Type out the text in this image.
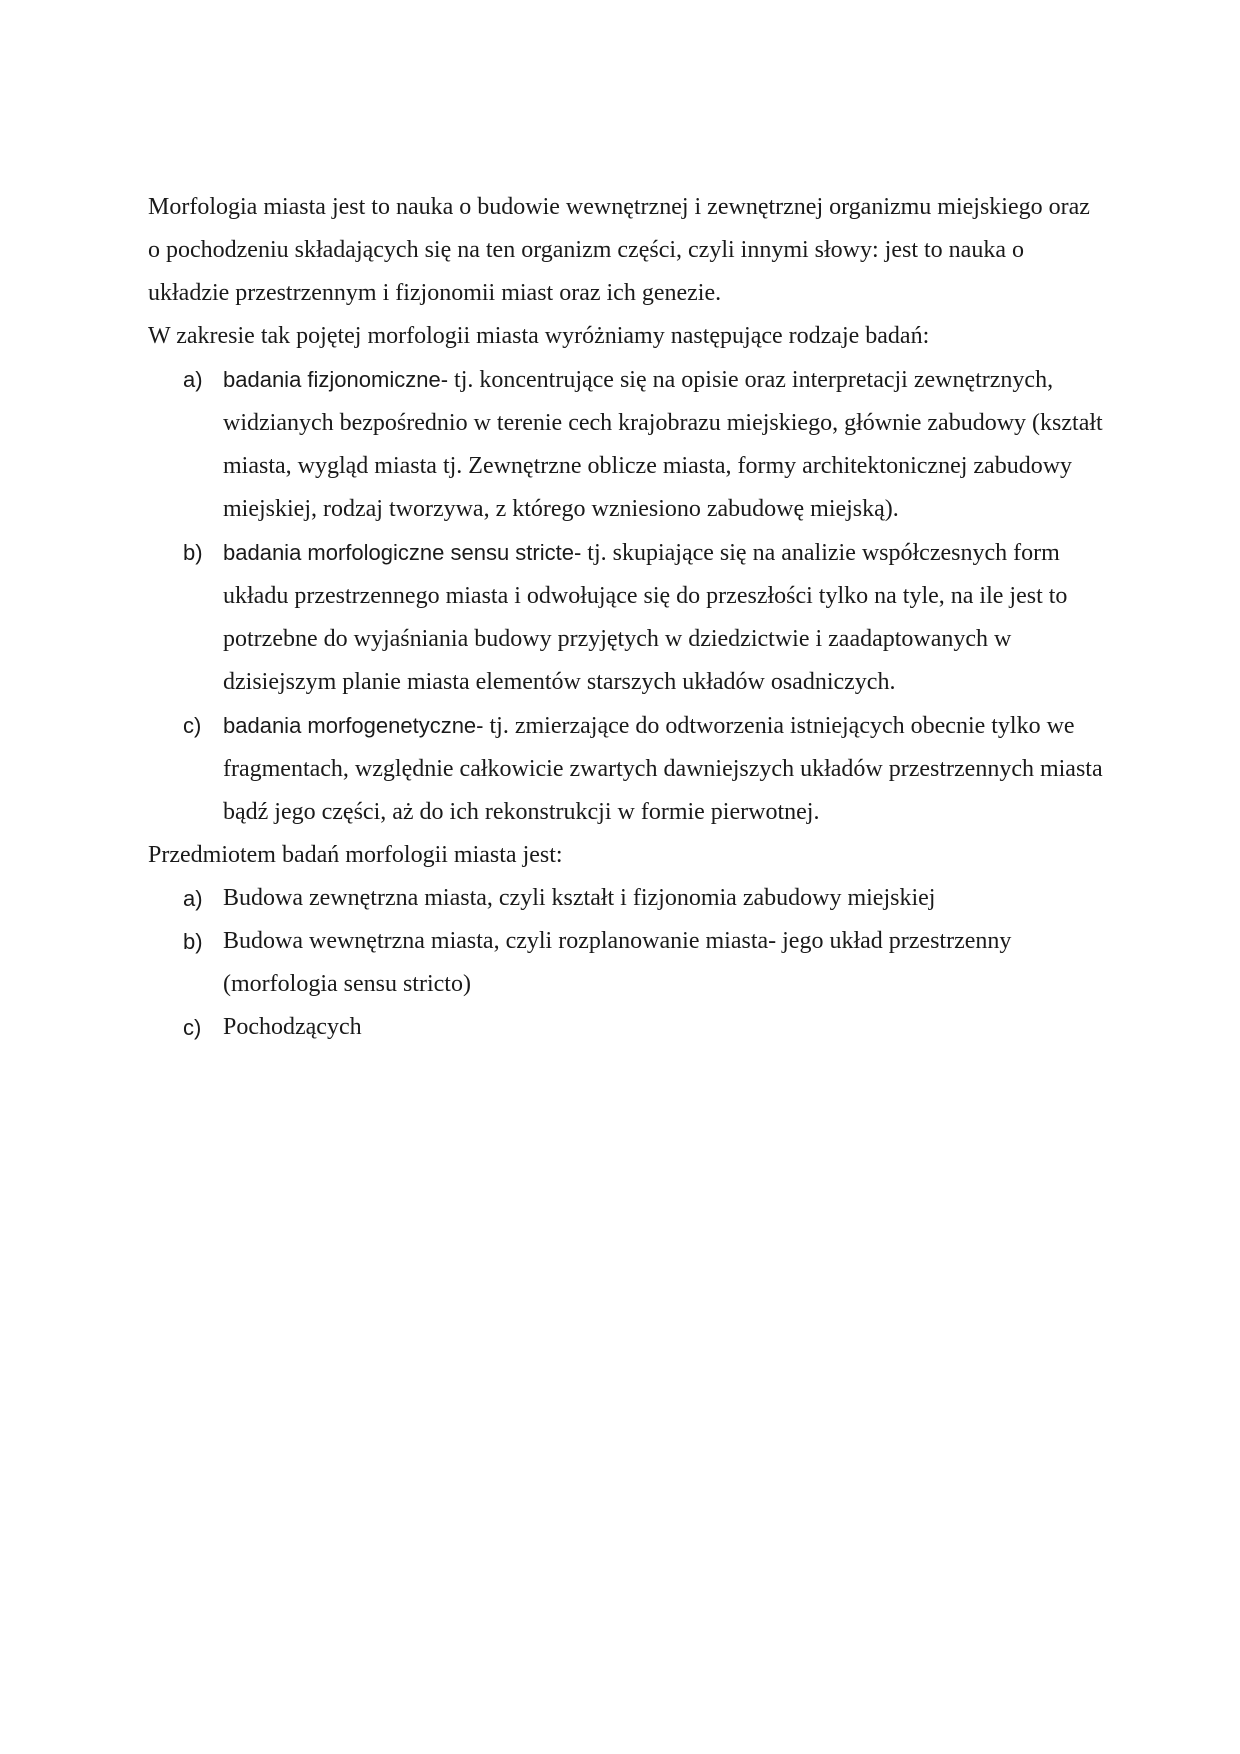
Morfologia miasta jest to nauka o budowie wewnętrznej i zewnętrznej organizmu miejskiego oraz o pochodzeniu składających się na ten organizm części, czyli innymi słowy: jest to nauka o układzie przestrzennym i fizjonomii miast oraz ich genezie.

W zakresie tak pojętej morfologii miasta wyróżniamy następujące rodzaje badań:

a) badania fizjonomiczne- tj. koncentrujące się na opisie oraz interpretacji zewnętrznych, widzianych bezpośrednio w terenie cech krajobrazu miejskiego, głównie zabudowy (kształt miasta, wygląd miasta tj. Zewnętrzne oblicze miasta, formy architektonicznej zabudowy miejskiej, rodzaj tworzywa, z którego wzniesiono zabudowę miejską).
b) badania morfologiczne sensu stricte- tj. skupiające się na analizie współczesnych form układu przestrzennego miasta i odwołujące się do przeszłości tylko na tyle, na ile jest to potrzebne do wyjaśniania budowy przyjętych w dziedzictwie i zaadaptowanych w dzisiejszym planie miasta elementów starszych układów osadniczych.
c) badania morfogenetyczne- tj. zmierzające do odtworzenia istniejących obecnie tylko we fragmentach, względnie całkowicie zwartych dawniejszych układów przestrzennych miasta bądź jego części, aż do ich rekonstrukcji w formie pierwotnej.

Przedmiotem badań morfologii miasta jest:

a) Budowa zewnętrzna miasta, czyli kształt i fizjonomia zabudowy miejskiej
b) Budowa wewnętrzna miasta, czyli rozplanowanie miasta- jego układ przestrzenny (morfologia sensu stricto)
c) Pochodzących
